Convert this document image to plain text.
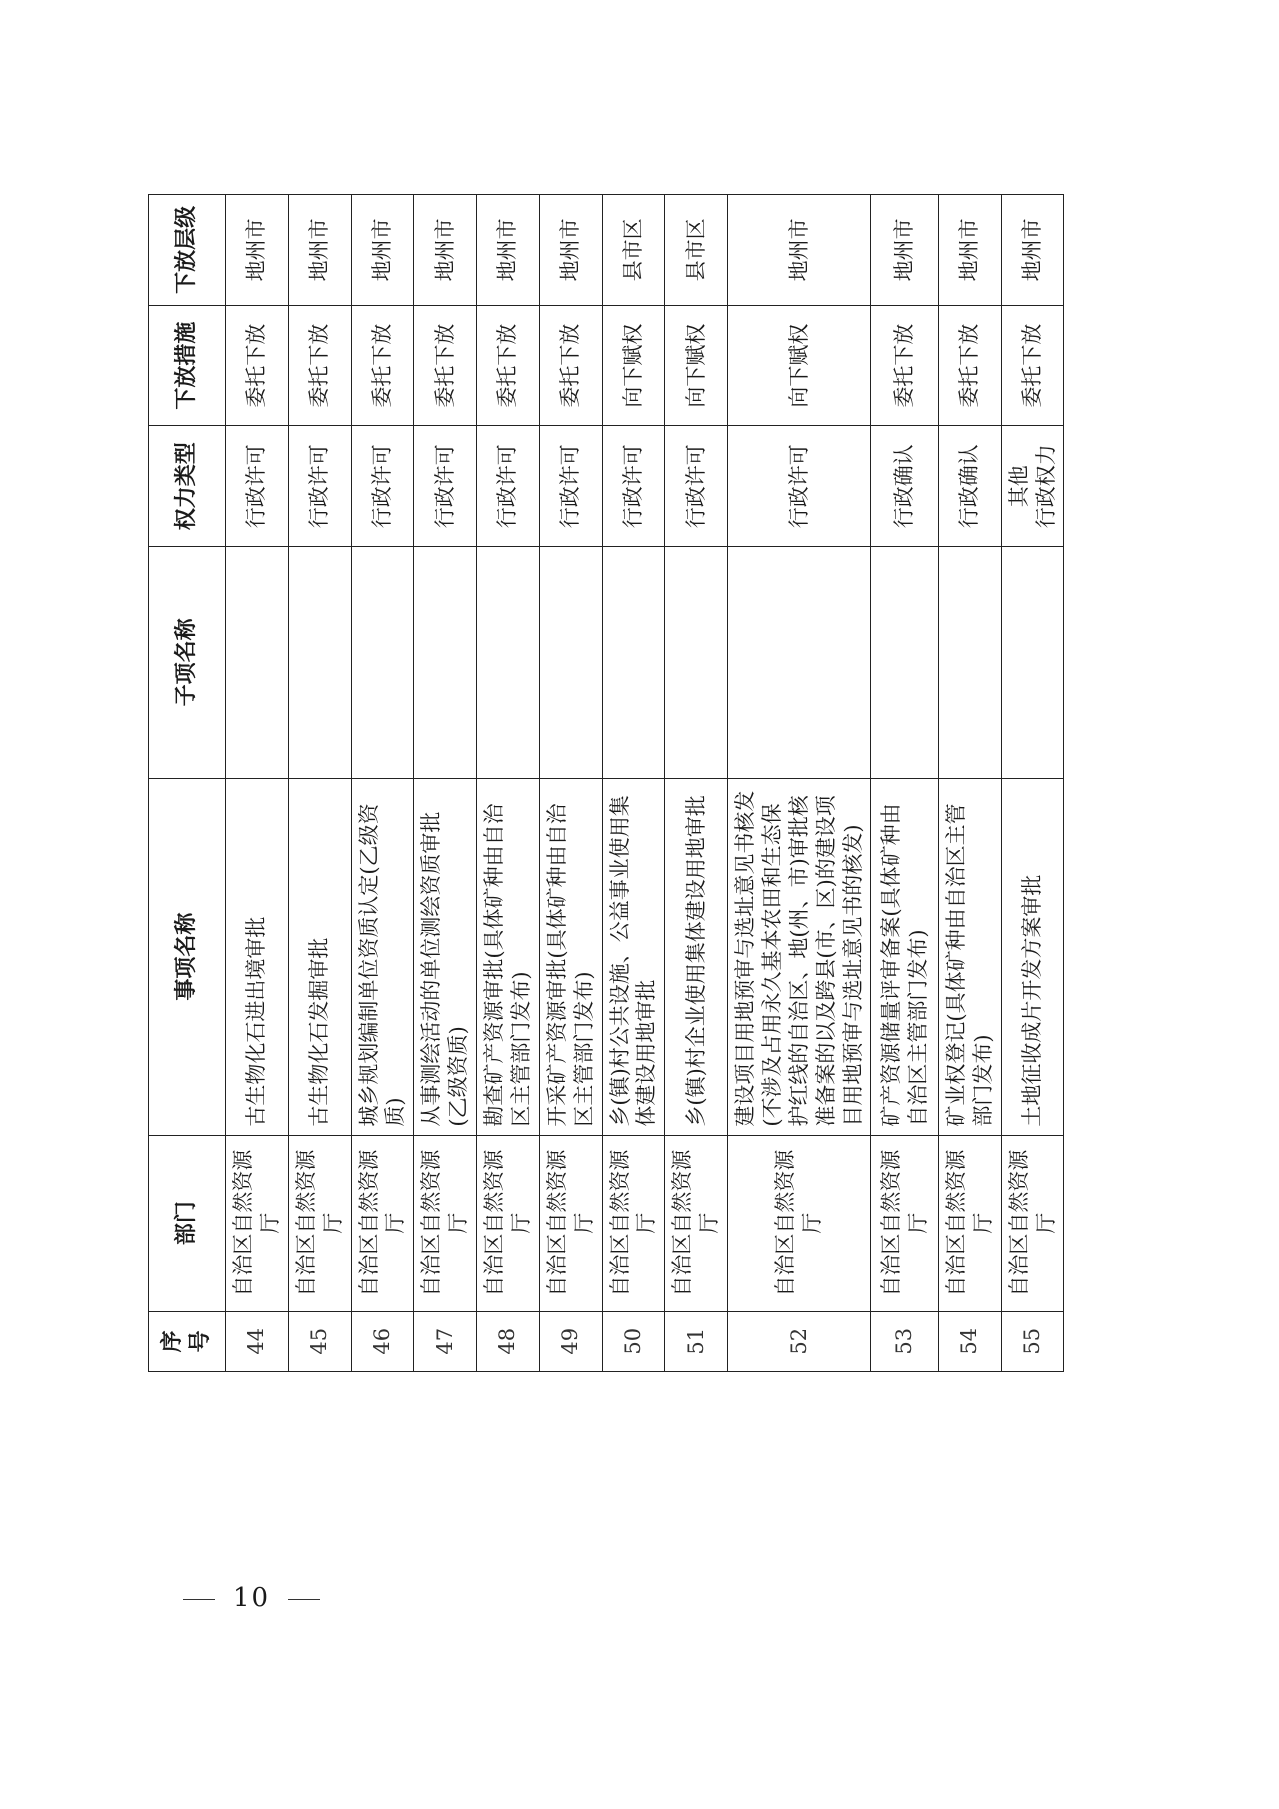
序号	部门	事项名称	子项名称	权力类型	下放措施	下放层级
44	自治区自然资源厅	古生物化石进出境审批		行政许可	委托下放	地州市
45	自治区自然资源厅	古生物化石发掘审批		行政许可	委托下放	地州市
46	自治区自然资源厅	城乡规划编制单位资质认定(乙级资质)		行政许可	委托下放	地州市
47	自治区自然资源厅	从事测绘活动的单位测绘资质审批(乙级资质)		行政许可	委托下放	地州市
48	自治区自然资源厅	勘查矿产资源审批(具体矿种由自治区主管部门发布)		行政许可	委托下放	地州市
49	自治区自然资源厅	开采矿产资源审批(具体矿种由自治区主管部门发布)		行政许可	委托下放	地州市
50	自治区自然资源厅	乡(镇)村公共设施、公益事业使用集体建设用地审批		行政许可	向下赋权	县市区
51	自治区自然资源厅	乡(镇)村企业使用集体建设用地审批		行政许可	向下赋权	县市区
52	自治区自然资源厅	建设项目用地预审与选址意见书核发(不涉及占用永久基本农田和生态保护红线的自治区、地(州、市)审批核准备案的以及跨县(市、区)的建设项目用地预审与选址意见书的核发)		行政许可	向下赋权	地州市
53	自治区自然资源厅	矿产资源储量评审备案(具体矿种由自治区主管部门发布)		行政确认	委托下放	地州市
54	自治区自然资源厅	矿业权登记(具体矿种由自治区主管部门发布)		行政确认	委托下放	地州市
55	自治区自然资源厅	土地征收成片开发方案审批		其他 行政权力	委托下放	地州市
10
